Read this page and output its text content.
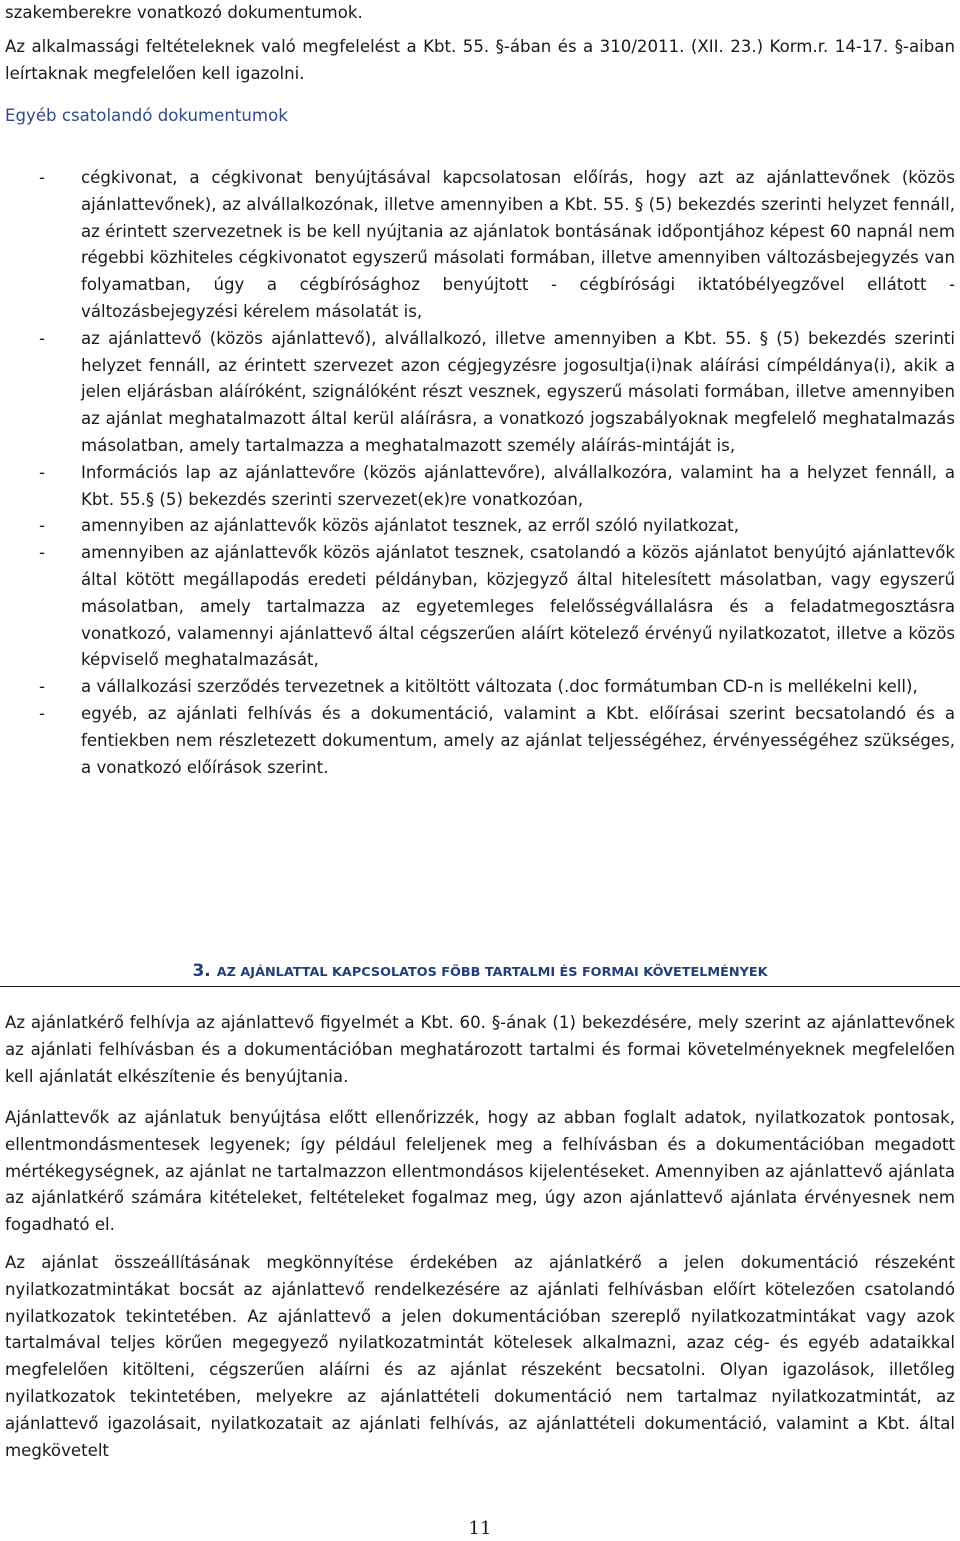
szakemberekre vonatkozó dokumentumok.
Az alkalmassági feltételeknek való megfelelést a Kbt. 55. §-ában és a 310/2011. (XII. 23.) Korm.r. 14-17. §-aiban leírtaknak megfelelően kell igazolni.
Egyéb csatolandó dokumentumok
- cégkivonat, a cégkivonat benyújtásával kapcsolatosan előírás, hogy azt az ajánlattevőnek (közös ajánlattevőnek), az alvállalkozónak, illetve amennyiben a Kbt. 55. § (5) bekezdés szerinti helyzet fennáll, az érintett szervezetnek is be kell nyújtania az ajánlatok bontásának időpontjához képest 60 napnál nem régebbi közhiteles cégkivonatot egyszerű másolati formában, illetve amennyiben változásbejegyzés van folyamatban, úgy a cégbírósághoz benyújtott - cégbírósági iktatóbélyegzővel ellátott - változásbejegyzési kérelem másolatát is,
- az ajánlattevő (közös ajánlattevő), alvállalkozó, illetve amennyiben a Kbt. 55. § (5) bekezdés szerinti helyzet fennáll, az érintett szervezet azon cégjegyzésre jogosultja(i)nak aláírási címpéldánya(i), akik a jelen eljárásban aláíróként, szignálóként részt vesznek, egyszerű másolati formában, illetve amennyiben az ajánlat meghatalmazott által kerül aláírásra, a vonatkozó jogszabályoknak megfelelő meghatalmazás másolatban, amely tartalmazza a meghatalmazott személy aláírás-mintáját is,
- Információs lap az ajánlattevőre (közös ajánlattevőre), alvállalkozóra, valamint ha a helyzet fennáll, a Kbt. 55.§ (5) bekezdés szerinti szervezet(ek)re vonatkozóan,
- amennyiben az ajánlattevők közös ajánlatot tesznek, az erről szóló nyilatkozat,
- amennyiben az ajánlattevők közös ajánlatot tesznek, csatolandó a közös ajánlatot benyújtó ajánlattevők által kötött megállapodás eredeti példányban, közjegyző által hitelesített másolatban, vagy egyszerű másolatban, amely tartalmazza az egyetemleges felelősségvállalásra és a feladatmegosztásra vonatkozó, valamennyi ajánlattevő által cégszerűen aláírt kötelező érvényű nyilatkozatot, illetve a közös képviselő meghatalmazását,
- a vállalkozási szerződés tervezetnek a kitöltött változata (.doc formátumban CD-n is mellékelni kell),
- egyéb, az ajánlati felhívás és a dokumentáció, valamint a Kbt. előírásai szerint becsatolandó és a fentiekben nem részletezett dokumentum, amely az ajánlat teljességéhez, érvényességéhez szükséges, a vonatkozó előírások szerint.
3. AZ AJÁNLATTAL KAPCSOLATOS FŐBB TARTALMI ÉS FORMAI KÖVETELMÉNYEK
Az ajánlatkérő felhívja az ajánlattevő figyelmét a Kbt. 60. §-ának (1) bekezdésére, mely szerint az ajánlattevőnek az ajánlati felhívásban és a dokumentációban meghatározott tartalmi és formai követelményeknek megfelelően kell ajánlatát elkészítenie és benyújtania.
Ajánlattevők az ajánlatuk benyújtása előtt ellenőrizzék, hogy az abban foglalt adatok, nyilatkozatok pontosak, ellentmondásmentesek legyenek; így például feleljenek meg a felhívásban és a dokumentációban megadott mértékegységnek, az ajánlat ne tartalmazzon ellentmondásos kijelentéseket. Amennyiben az ajánlattevő ajánlata az ajánlatkérő számára kitételeket, feltételeket fogalmaz meg, úgy azon ajánlattevő ajánlata érvényesnek nem fogadható el.
Az ajánlat összeállításának megkönnyítése érdekében az ajánlatkérő a jelen dokumentáció részeként nyilatkozatmintákat bocsát az ajánlattevő rendelkezésére az ajánlati felhívásban előírt kötelezően csatolandó nyilatkozatok tekintetében. Az ajánlattevő a jelen dokumentációban szereplő nyilatkozatmintákat vagy azok tartalmával teljes körűen megegyező nyilatkozatmintát kötelesek alkalmazni, azaz cég- és egyéb adataikkal megfelelően kitölteni, cégszerűen aláírni és az ajánlat részeként becsatolni. Olyan igazolások, illetőleg nyilatkozatok tekintetében, melyekre az ajánlattételi dokumentáció nem tartalmaz nyilatkozatmintát, az ajánlattevő igazolásait, nyilatkozatait az ajánlati felhívás, az ajánlattételi dokumentáció, valamint a Kbt. által megkövetelt
11
